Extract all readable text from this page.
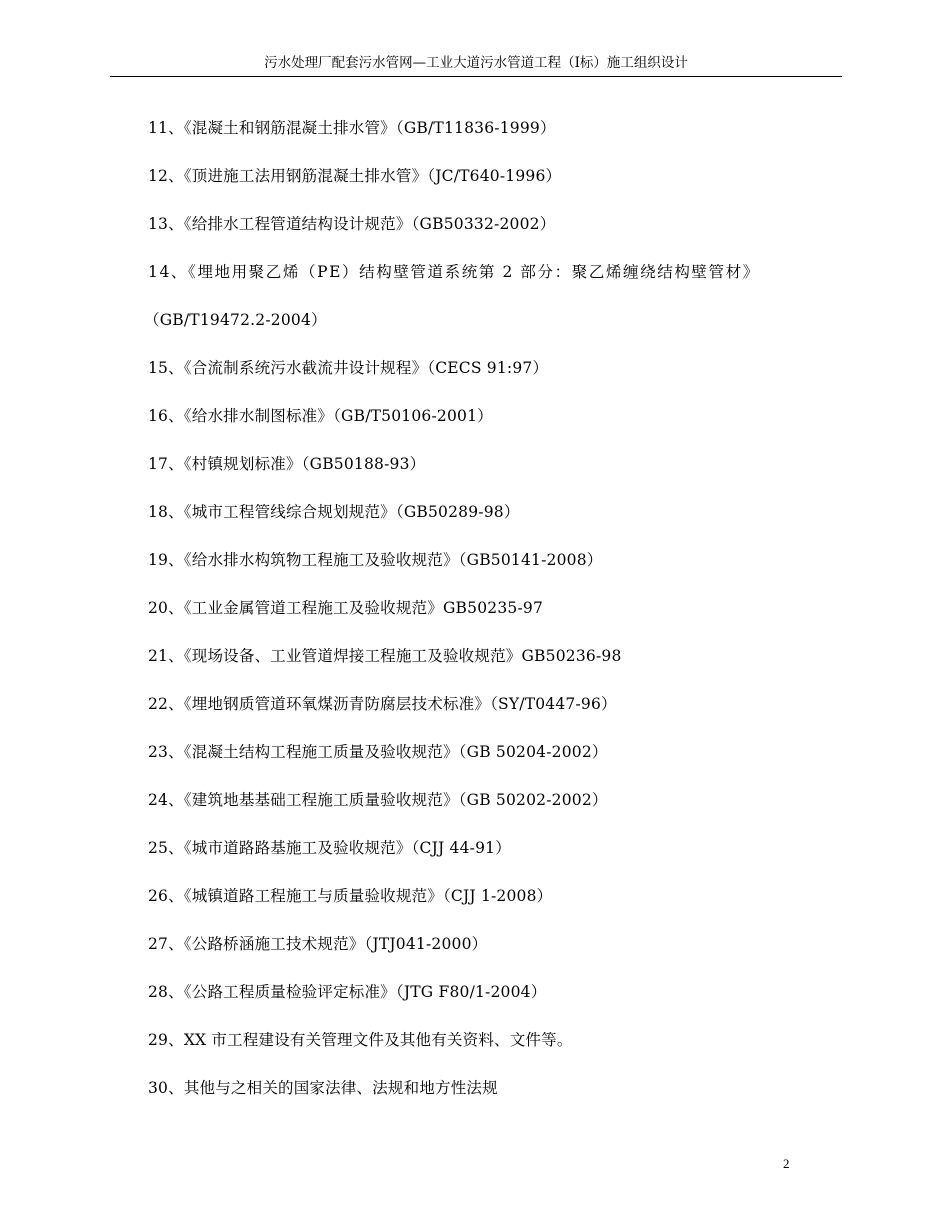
污水处理厂配套污水管网—工业大道污水管道工程（I标）施工组织设计
11、《混凝土和钢筋混凝土排水管》（GB/T11836-1999）
12、《顶进施工法用钢筋混凝土排水管》（JC/T640-1996）
13、《给排水工程管道结构设计规范》（GB50332-2002）
14、《埋地用聚乙烯（PE）结构壁管道系统第 2 部分：聚乙烯缠绕结构壁管材》
（GB/T19472.2-2004）
15、《合流制系统污水截流井设计规程》（CECS 91:97）
16、《给水排水制图标准》（GB/T50106-2001）
17、《村镇规划标准》（GB50188-93）
18、《城市工程管线综合规划规范》（GB50289-98）
19、《给水排水构筑物工程施工及验收规范》（GB50141-2008）
20、《工业金属管道工程施工及验收规范》GB50235-97
21、《现场设备、工业管道焊接工程施工及验收规范》GB50236-98
22、《埋地钢质管道环氧煤沥青防腐层技术标准》（SY/T0447-96）
23、《混凝土结构工程施工质量及验收规范》（GB 50204-2002）
24、《建筑地基基础工程施工质量验收规范》（GB 50202-2002）
25、《城市道路路基施工及验收规范》（CJJ 44-91）
26、《城镇道路工程施工与质量验收规范》（CJJ 1-2008）
27、《公路桥涵施工技术规范》（JTJ041-2000）
28、《公路工程质量检验评定标准》（JTG F80/1-2004）
29、XX 市工程建设有关管理文件及其他有关资料、文件等。
30、其他与之相关的国家法律、法规和地方性法规
2
